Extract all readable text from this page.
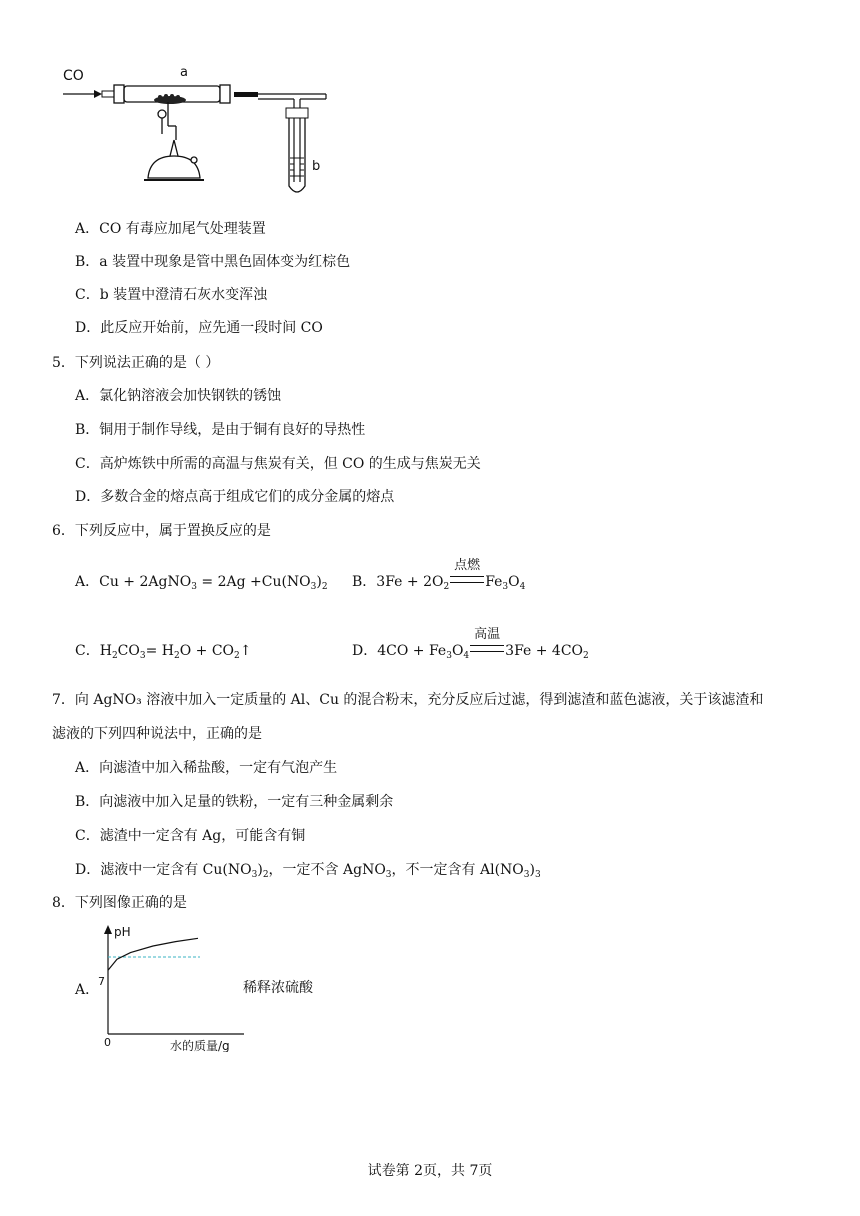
CO	a
b
A．CO 有毒应加尾气处理装置
B．a 装置中现象是管中黑色固体变为红棕色
C．b 装置中澄清石灰水变浑浊
D．此反应开始前，应先通一段时间 CO
5．下列说法正确的是（ ）
A．氯化钠溶液会加快钢铁的锈蚀
B．铜用于制作导线，是由于铜有良好的导热性
C．高炉炼铁中所需的高温与焦炭有关，但 CO 的生成与焦炭无关
D．多数合金的熔点高于组成它们的成分金属的熔点
6．下列反应中，属于置换反应的是
A．Cu + 2AgNO$_3$ = $2Ag +Cu(NO_3)_2$ B．$3Fe + 2O_2$
点燃
$Fe_3O_4$
C．$H_2CO_3= H_2O$ + $CO_2↑$	D．$4CO + Fe_3O_4$
高温
$3Fe + 4CO_2$
7．向 AgNO₃ 溶液中加入一定质量的 Al、Cu 的混合粉末，充分反应后过滤，得到滤渣和蓝色滤液，关于该滤渣和
滤液的下列四种说法中，正确的是
A．向滤渣中加入稀盐酸，一定有气泡产生
B．向滤液中加入足量的铁粉，一定有三种金属剩余
C．滤渣中一定含有 Ag，可能含有铜
D．滤液中一定含有 $Cu(NO_3)_2$，一定不含 AgNO$_3$，不一定含有 $Al(NO_3)_3$
8．下列图像正确的是
A．
pH
7
0	水的质量/g
稀释浓硫酸
试卷第 2页，共 7页
